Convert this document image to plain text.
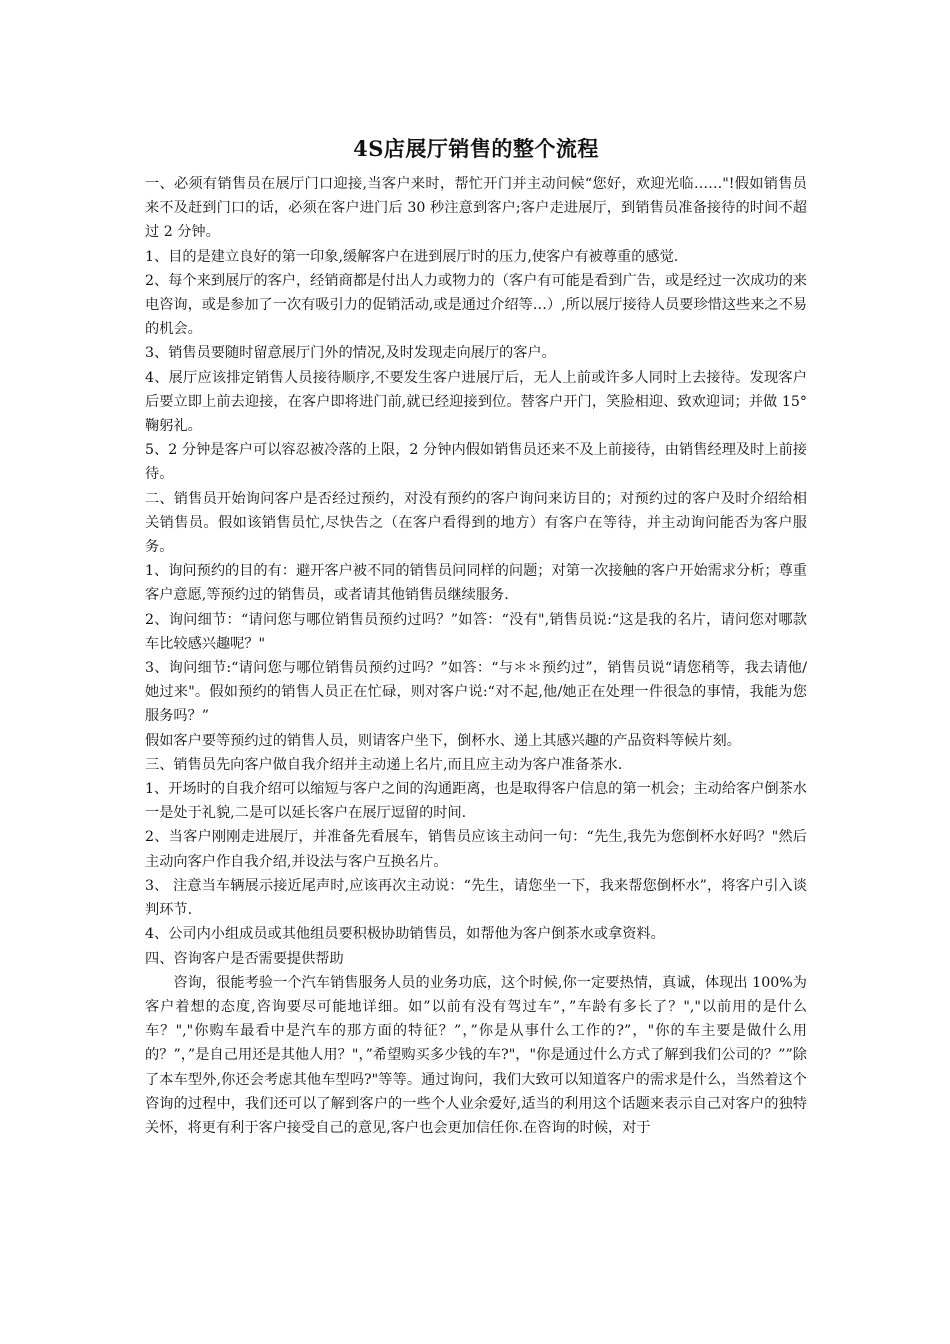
4S店展厅销售的整个流程

一、必须有销售员在展厅门口迎接,当客户来时，帮忙开门并主动问候“您好，欢迎光临……"!假如销售员来不及赶到门口的话，必须在客户进门后 30 秒注意到客户;客户走进展厅，到销售员准备接待的时间不超过 2 分钟。

1、目的是建立良好的第一印象,缓解客户在进到展厅时的压力,使客户有被尊重的感觉.

2、每个来到展厅的客户，经销商都是付出人力或物力的（客户有可能是看到广告，或是经过一次成功的来电咨询，或是参加了一次有吸引力的促销活动,或是通过介绍等…）,所以展厅接待人员要珍惜这些来之不易的机会。

3、销售员要随时留意展厅门外的情况,及时发现走向展厅的客户。

4、展厅应该排定销售人员接待顺序,不要发生客户进展厅后，无人上前或许多人同时上去接待。发现客户后要立即上前去迎接，在客户即将进门前,就已经迎接到位。替客户开门，笑脸相迎、致欢迎词；并做 15°鞠躬礼。

5、2 分钟是客户可以容忍被冷落的上限，2 分钟内假如销售员还来不及上前接待，由销售经理及时上前接待。

二、销售员开始询问客户是否经过预约，对没有预约的客户询问来访目的；对预约过的客户及时介绍给相关销售员。假如该销售员忙,尽快告之（在客户看得到的地方）有客户在等待，并主动询问能否为客户服务。

1、询问预约的目的有：避开客户被不同的销售员问同样的问题；对第一次接触的客户开始需求分析；尊重客户意愿,等预约过的销售员，或者请其他销售员继续服务.

2、询问细节：“请问您与哪位销售员预约过吗？”如答：“没有",销售员说:“这是我的名片，请问您对哪款车比较感兴趣呢？"

3、询问细节:“请问您与哪位销售员预约过吗？”如答：“与＊＊预约过”，销售员说“请您稍等，我去请他/她过来"。假如预约的销售人员正在忙碌，则对客户说:“对不起,他/她正在处理一件很急的事情，我能为您服务吗？”

假如客户要等预约过的销售人员，则请客户坐下，倒杯水、递上其感兴趣的产品资料等候片刻。

三、销售员先向客户做自我介绍并主动递上名片,而且应主动为客户准备茶水.

1、开场时的自我介绍可以缩短与客户之间的沟通距离，也是取得客户信息的第一机会；主动给客户倒茶水一是处于礼貌,二是可以延长客户在展厅逗留的时间.

2、当客户刚刚走进展厅，并准备先看展车，销售员应该主动问一句：“先生,我先为您倒杯水好吗？"然后主动向客户作自我介绍,并设法与客户互换名片。

3、 注意当车辆展示接近尾声时,应该再次主动说：“先生，请您坐一下，我来帮您倒杯水”，将客户引入谈判环节.

4、公司内小组成员或其他组员要积极协助销售员，如帮他为客户倒茶水或拿资料。

四、咨询客户是否需要提供帮助

咨询，很能考验一个汽车销售服务人员的业务功底，这个时候,你一定要热情，真诚，体现出 100%为客户着想的态度,咨询要尽可能地详细。如”以前有没有驾过车”，”车龄有多长了？","以前用的是什么车？","你购车最看中是汽车的那方面的特征？”，”你是从事什么工作的?”，"你的车主要是做什么用的？”，”是自己用还是其他人用？"，”希望购买多少钱的车?"，"你是通过什么方式了解到我们公司的？””除了本车型外,你还会考虑其他车型吗?"等等。通过询问，我们大致可以知道客户的需求是什么，当然着这个咨询的过程中，我们还可以了解到客户的一些个人业余爱好,适当的利用这个话题来表示自己对客户的独特关怀，将更有利于客户接受自己的意见,客户也会更加信任你.在咨询的时候，对于
